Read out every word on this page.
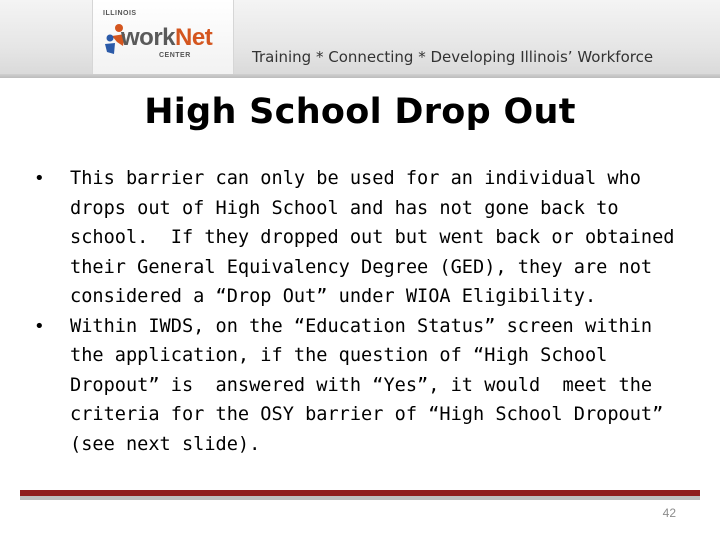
ILLINOIS
workNet
CENTER	Training * Connecting * Developing Illinois’ Workforce
High School Drop Out
• This barrier can only be used for an individual who
drops out of High School and has not gone back to
school.  If they dropped out but went back or obtained
their General Equivalency Degree (GED), they are not
considered a “Drop Out” under WIOA Eligibility.
• Within IWDS, on the “Education Status” screen within
the application, if the question of “High School
Dropout” is  answered with “Yes”, it would  meet the
criteria for the OSY barrier of “High School Dropout”
(see next slide).
42
